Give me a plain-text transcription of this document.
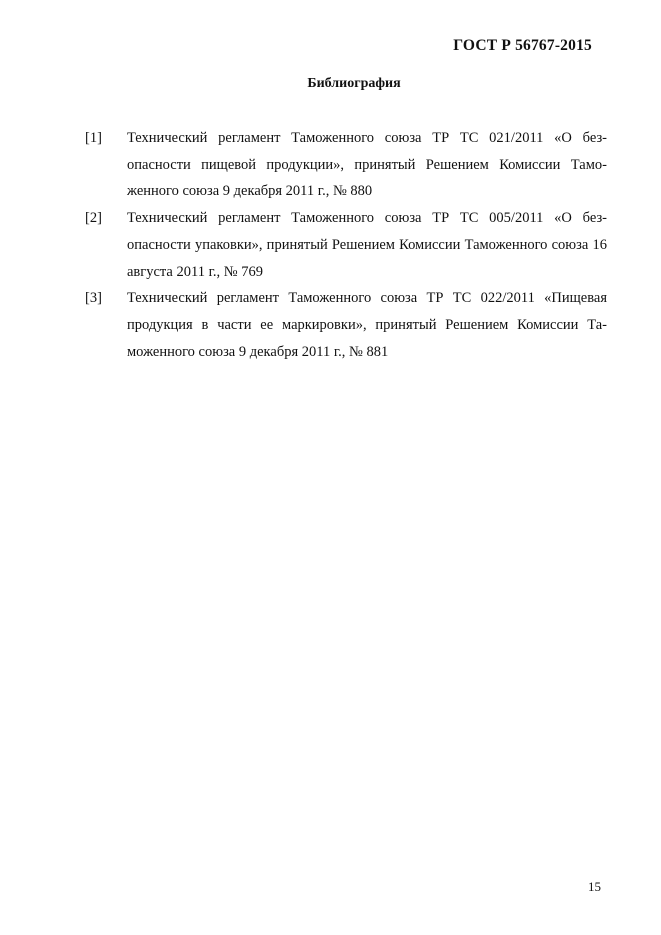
ГОСТ Р 56767-2015
Библиография
[1]	Технический регламент Таможенного союза ТР ТС 021/2011 «О без-опасности пищевой продукции», принятый Решением Комиссии Тамо-женного союза 9 декабря 2011 г., № 880
[2]	Технический регламент Таможенного союза ТР ТС 005/2011 «О без-опасности упаковки», принятый Решением Комиссии Таможенного союза 16 августа 2011 г., № 769
[3]	Технический регламент Таможенного союза ТР ТС 022/2011 «Пищевая продукция в части ее маркировки», принятый Решением Комиссии Та-моженного союза 9 декабря 2011 г., № 881
15
